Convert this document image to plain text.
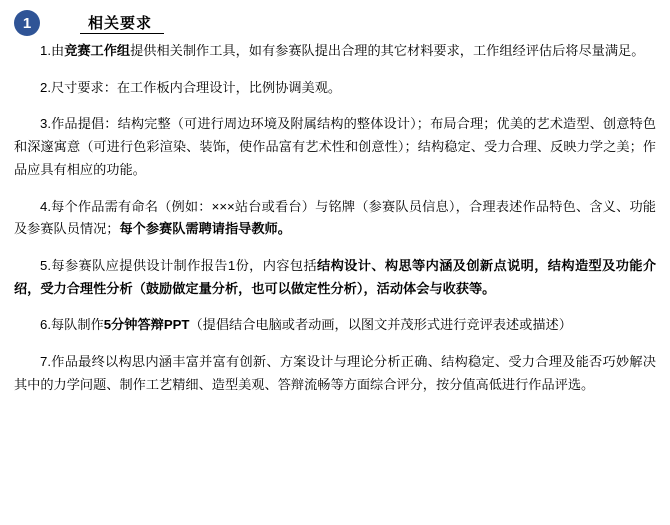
1	相关要求

1.由竞赛工作组提供相关制作工具，如有参赛队提出合理的其它材料要求，工作组经评估后将尽量满足。

2.尺寸要求：在工作板内合理设计，比例协调美观。

3.作品提倡：结构完整（可进行周边环境及附属结构的整体设计）；布局合理；优美的艺术造型、创意特色和深邃寓意（可进行色彩渲染、装饰，使作品富有艺术性和创意性）；结构稳定、受力合理、反映力学之美；作品应具有相应的功能。

4.每个作品需有命名（例如：×××站台或看台）与铭牌（参赛队员信息），合理表述作品特色、含义、功能及参赛队员情况；每个参赛队需聘请指导教师。

5.每参赛队应提供设计制作报告1份，内容包括结构设计、构思等内涵及创新点说明，结构造型及功能介绍，受力合理性分析（鼓励做定量分析，也可以做定性分析），活动体会与收获等。

6.每队制作5分钟答辩PPT（提倡结合电脑或者动画，以图文并茂形式进行竞评表述或描述）

7.作品最终以构思内涵丰富并富有创新、方案设计与理论分析正确、结构稳定、受力合理及能否巧妙解决其中的力学问题、制作工艺精细、造型美观、答辩流畅等方面综合评分，按分值高低进行作品评选。
